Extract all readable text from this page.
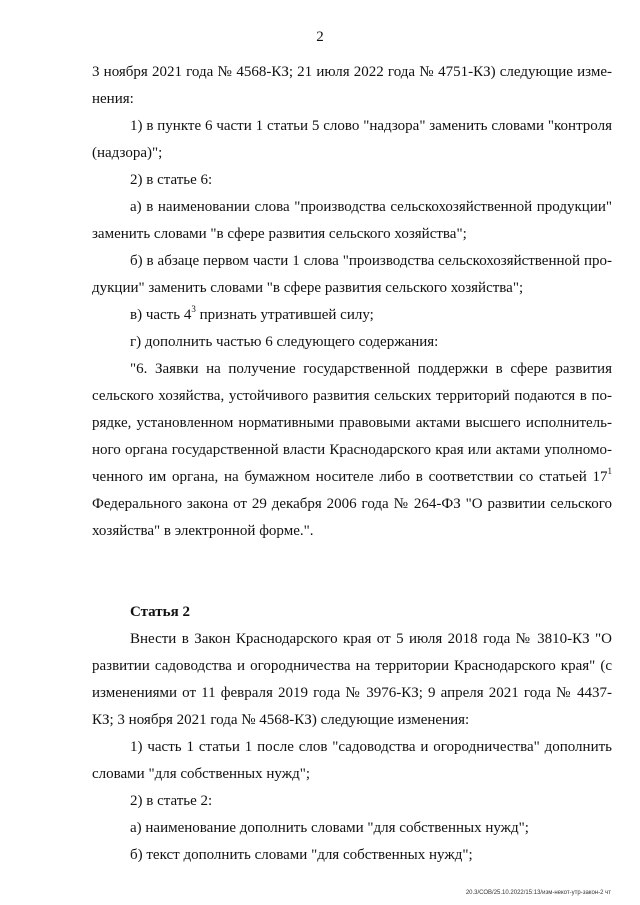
2

3 ноября 2021 года № 4568-КЗ; 21 июля 2022 года № 4751-КЗ) следующие изме-нения:

1) в пункте 6 части 1 статьи 5 слово "надзора" заменить словами "контроля (надзора)";

2) в статье 6:

а) в наименовании слова "производства сельскохозяйственной продукции" заменить словами "в сфере развития сельского хозяйства";

б) в абзаце первом части 1 слова "производства сельскохозяйственной про-дукции" заменить словами "в сфере развития сельского хозяйства";

в) часть $4^3$ признать утратившей силу;

г) дополнить частью 6 следующего содержания:

"6. Заявки на получение государственной поддержки в сфере развития сельского хозяйства, устойчивого развития сельских территорий подаются в по-рядке, установленном нормативными правовыми актами высшего исполнитель-ного органа государственной власти Краснодарского края или актами уполномо-ченного им органа, на бумажном носителе либо в соответствии со статьей $17^1$ Федерального закона от 29 декабря 2006 года № 264-ФЗ "О развитии сельского хозяйства" в электронной форме.".

Статья 2

Внести в Закон Краснодарского края от 5 июля 2018 года № 3810-КЗ "О развитии садоводства и огородничества на территории Краснодарского края" (с изменениями от 11 февраля 2019 года № 3976-КЗ; 9 апреля 2021 года № 4437-КЗ; 3 ноября 2021 года № 4568-КЗ) следующие изменения:

1) часть 1 статьи 1 после слов "садоводства и огородничества" дополнить словами "для собственных нужд";

2) в статье 2:

а) наименование дополнить словами "для собственных нужд";

б) текст дополнить словами "для собственных нужд";

20.3/СОВ/25.10.2022/15:13/изм-некот-утр-закон-2 чт
